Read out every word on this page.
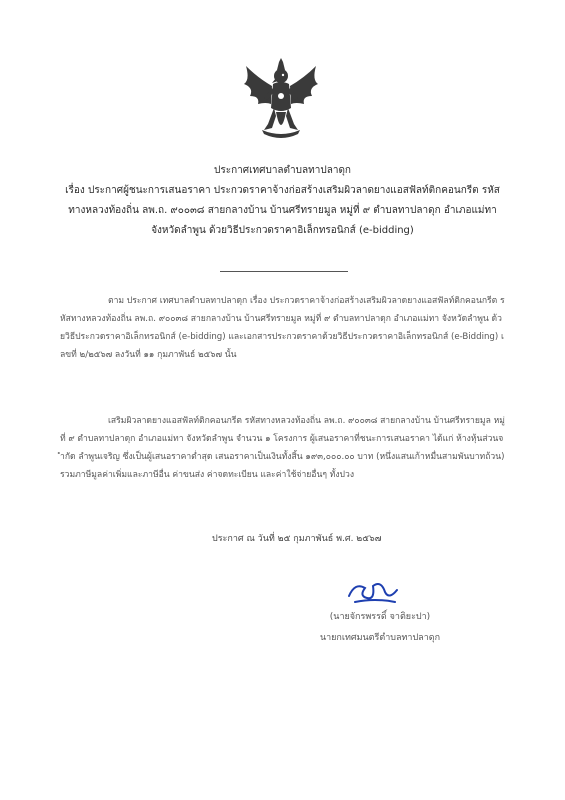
ประกาศเทศบาลตำบลทาปลาดุก
เรื่อง ประกาศผู้ชนะการเสนอราคา ประกวดราคาจ้างก่อสร้างเสริมผิวลาดยางแอสฟัลท์ติกคอนกรีต รหัส
ทางหลวงท้องถิ่น ลพ.ถ. ๙๐๐๓๘ สายกลางบ้าน บ้านศรีทรายมูล หมู่ที่ ๙ ตำบลทาปลาดุก อำเภอแม่ทา
จังหวัดลำพูน ด้วยวิธีประกวดราคาอิเล็กทรอนิกส์ (e-bidding)
ตาม ประกาศ เทศบาลตำบลทาปลาดุก เรื่อง ประกวดราคาจ้างก่อสร้างเสริมผิวลาดยางแอสฟัลท์ติกคอนกรีต รหัสทางหลวงท้องถิ่น ลพ.ถ. ๙๐๐๓๘ สายกลางบ้าน บ้านศรีทรายมูล หมู่ที่ ๙ ตำบลทาปลาดุก อำเภอแม่ทา จังหวัดลำพูน ด้วยวิธีประกวดราคาอิเล็กทรอนิกส์ (e-bidding) และเอกสารประกวดราคาด้วยวิธีประกวดราคาอิเล็กทรอนิกส์ (e-Bidding) เลขที่ ๒/๒๕๖๗ ลงวันที่ ๑๑ กุมภาพันธ์ ๒๕๖๗ นั้น
เสริมผิวลาดยางแอสฟัลท์ติกคอนกรีต รหัสทางหลวงท้องถิ่น ลพ.ถ. ๙๐๐๓๘ สายกลางบ้าน บ้านศรีทรายมูล หมู่ที่ ๙ ตำบลทาปลาดุก อำเภอแม่ทา จังหวัดลำพูน จำนวน ๑ โครงการ ผู้เสนอราคาที่ชนะการเสนอราคา ได้แก่ ห้างหุ้นส่วนจำกัด ลำพูนเจริญ ซึ่งเป็นผู้เสนอราคาต่ำสุด เสนอราคาเป็นเงินทั้งสิ้น ๑๙๓,๐๐๐.๐๐ บาท (หนึ่งแสนเก้าหมื่นสามพันบาทถ้วน) รวมภาษีมูลค่าเพิ่มและภาษีอื่น ค่าขนส่ง ค่าจดทะเบียน และค่าใช้จ่ายอื่นๆ ทั้งปวง
ประกาศ ณ วันที่ ๒๕ กุมภาพันธ์ พ.ศ. ๒๕๖๗
(นายจักรพรรดิ์ จาติยะปา)
นายกเทศมนตรีตำบลทาปลาดุก
